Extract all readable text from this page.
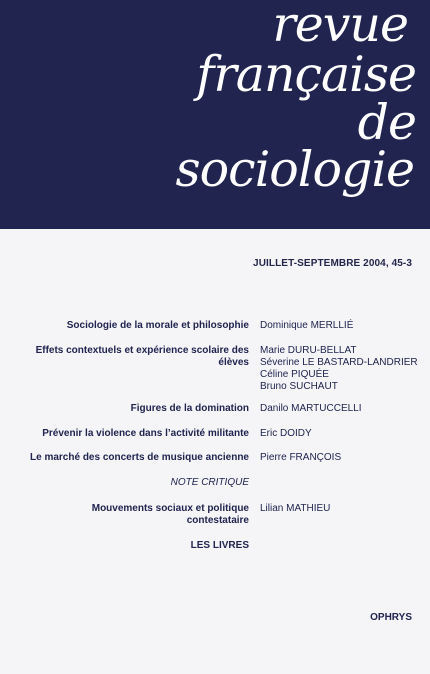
revue
française
de
sociologie
JUILLET-SEPTEMBRE 2004, 45-3
Sociologie de la morale et philosophie Dominique MERLLIÉ
Effets contextuels et expérience scolaire des élèves
Marie DURU-BELLAT
Séverine LE BASTARD-LANDRIER
Céline PIQUÉE
Bruno SUCHAUT
Figures de la domination Danilo MARTUCCELLI
Prévenir la violence dans l’activité militante Eric DOIDY
Le marché des concerts de musique ancienne Pierre FRANÇOIS
Mouvements sociaux et politique contestataire
Lilian MATHIEU
NOTE CRITIQUE
LES LIVRES
OPHRYS
